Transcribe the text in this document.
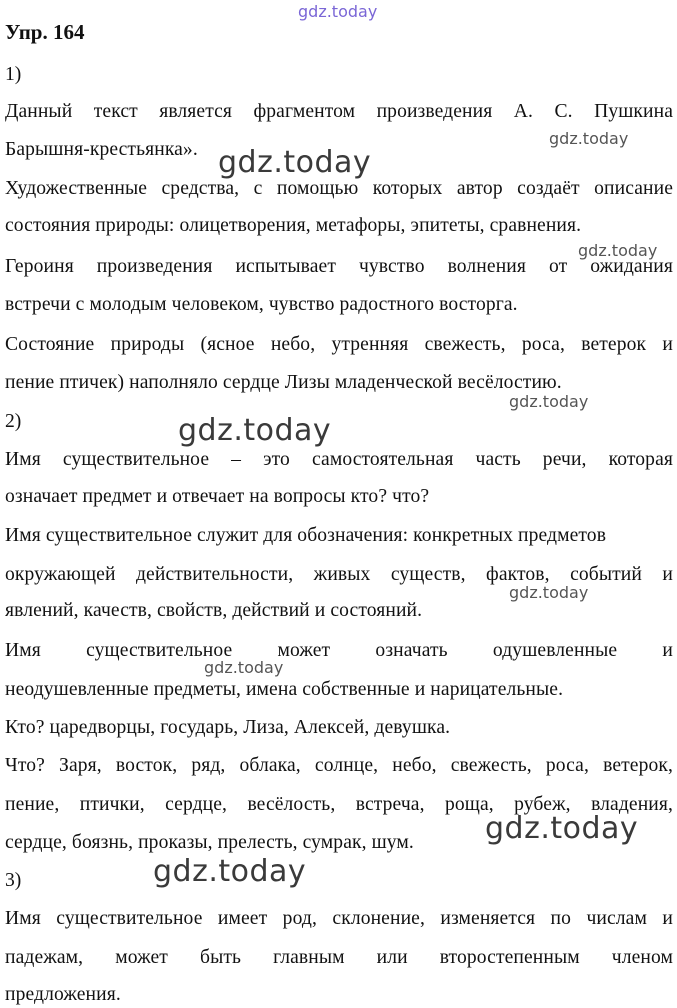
gdz.today
Упр. 164
1)
Данный текст является фрагментом произведения А. С. Пушкина
Барышня-крестьянка».
Художественные средства, с помощью которых автор создаёт описание
состояния природы: олицетворения, метафоры, эпитеты, сравнения.
Героиня произведения испытывает чувство волнения от ожидания
встречи с молодым человеком, чувство радостного восторга.
Состояние природы (ясное небо, утренняя свежесть, роса, ветерок и
пение птичек) наполняло сердце Лизы младенческой весёлостию.
2)
Имя существительное – это самостоятельная часть речи, которая
означает предмет и отвечает на вопросы кто? что?
Имя существительное служит для обозначения: конкретных предметов
окружающей действительности, живых существ, фактов, событий и
явлений, качеств, свойств, действий и состояний.
Имя существительное может означать одушевленные и
неодушевленные предметы, имена собственные и нарицательные.
Кто? царедворцы, государь, Лиза, Алексей, девушка.
Что? Заря, восток, ряд, облака, солнце, небо, свежесть, роса, ветерок,
пение, птички, сердце, весёлость, встреча, роща, рубеж, владения,
сердце, боязнь, проказы, прелесть, сумрак, шум.
3)
Имя существительное имеет род, склонение, изменяется по числам и
падежам, может быть главным или второстепенным членом
предложения.
gdz.today
gdz.today
gdz.today
gdz.today
gdz.today
gdz.today
gdz.today
gdz.today
gdz.today
